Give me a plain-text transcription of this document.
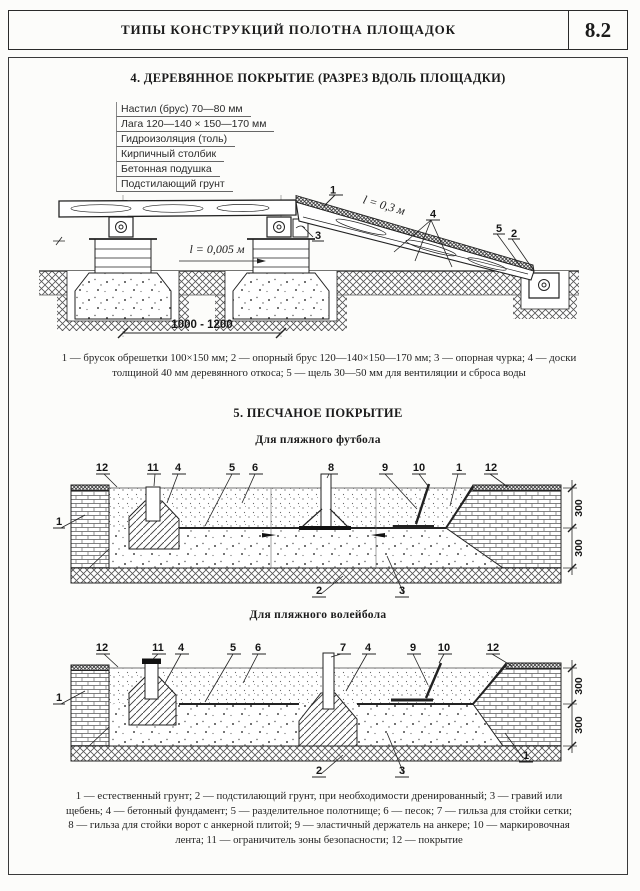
ТИПЫ КОНСТРУКЦИЙ ПОЛОТНА ПЛОЩАДОК	8.2
4. ДЕРЕВЯННОЕ ПОКРЫТИЕ (РАЗРЕЗ ВДОЛЬ ПЛОЩАДКИ)
Настил (брус) 70—80 мм
Лага 120—140 × 150—170 мм
Гидроизоляция (толь)
Кирпичный столбик
Бетонная подушка
Подстилающий грунт
1
l = 0,3 м 4
5 2
3
l = 0,005 м
1000 - 1200
1 — брусок обрешетки 100×150 мм; 2 — опорный брус 120—140×150—170 мм; 3 — опорная чурка; 4 — доски
толщиной 40 мм деревянного откоса; 5 — щель 30—50 мм для вентиляции и сброса воды
5. ПЕСЧАНОЕ ПОКРЫТИЕ
Для пляжного футбола
12	11 4	5 6	8	9 10	1 12
1
2	3
300
300
Для пляжного волейбола
12	11 4	5 6	7 4	9 10	12
1
2	3
1
300
300
1 — естественный грунт; 2 — подстилающий грунт, при необходимости дренированный; 3 — гравий или
щебень; 4 — бетонный фундамент; 5 — разделительное полотнище; 6 — песок; 7 — гильза для стойки сетки;
8 — гильза для стойки ворот с анкерной плитой; 9 — эластичный держатель на анкере; 10 — маркировочная
лента; 11 — ограничитель зоны безопасности; 12 — покрытие
